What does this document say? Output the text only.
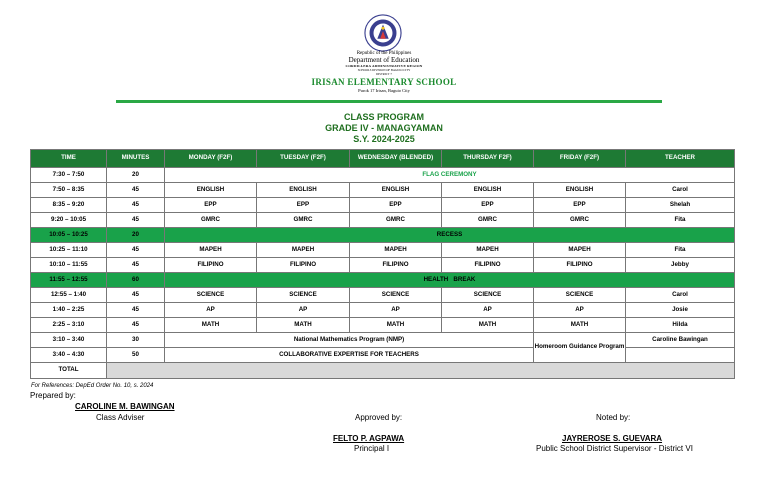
Republic of the Philippines
Department of Education
CORDILLERA ADMINISTRATIVE REGION
SCHOOLS DIVISION OF BAGUIO CITY
DISTRICT 7
IRISAN ELEMENTARY SCHOOL
Purok 17 Irisan, Baguio City
CLASS PROGRAM
GRADE IV - MANAGYAMAN
S.Y. 2024-2025
TIME	MINUTES	MONDAY (F2F)	TUESDAY (F2F)	WEDNESDAY (BLENDED)	THURSDAY F2F)	FRIDAY (F2F)	TEACHER
7:30 – 7:50	20	FLAG CEREMONY					
7:50 – 8:35	45	ENGLISH	ENGLISH	ENGLISH	ENGLISH	ENGLISH	Carol
8:35 – 9:20	45	EPP	EPP	EPP	EPP	EPP	Shelah
9:20 – 10:05	45	GMRC	GMRC	GMRC	GMRC	GMRC	Fita
10:05 – 10:25	20	RECESS					
10:25 – 11:10	45	MAPEH	MAPEH	MAPEH	MAPEH	MAPEH	Fita
10:10 – 11:55	45	FILIPINO	FILIPINO	FILIPINO	FILIPINO	FILIPINO	Jebby
11:55 – 12:55	60	HEALTH   BREAK					
12:55 – 1:40	45	SCIENCE	SCIENCE	SCIENCE	SCIENCE	SCIENCE	Carol
1:40 – 2:25	45	AP	AP	AP	AP	AP	Josie
2:25 – 3:10	45	MATH	MATH	MATH	MATH	MATH	Hilda
3:10 – 3:40	30	National Mathematics Program (NMP)				Homeroom Guidance Program	Caroline Bawingan
3:40 – 4:30	50	COLLABORATIVE EXPERTISE FOR TEACHERS					
TOTAL							
For References: DepEd Order No. 10, s. 2024
Prepared by:
CAROLINE M. BAWINGAN
Class Adviser	Approved by:
FELTO P. AGPAWA
Principal I
Noted by:
JAYREROSE S. GUEVARA
Public School District Supervisor - District VI
